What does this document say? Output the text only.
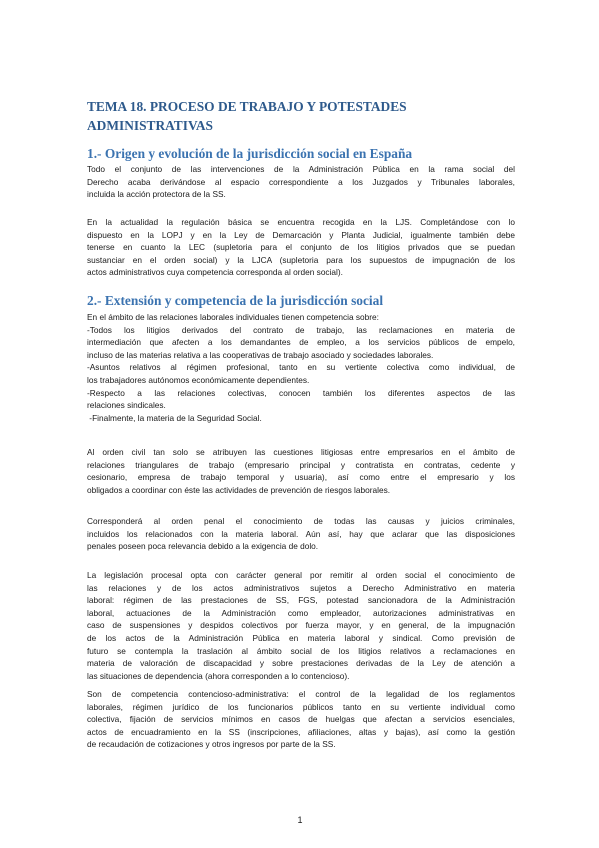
TEMA 18. PROCESO DE TRABAJO Y POTESTADES ADMINISTRATIVAS
1.- Origen y evolución de la jurisdicción social en España
Todo el conjunto de las intervenciones de la Administración Pública en la rama social del
Derecho acaba derivándose al espacio correspondiente a los Juzgados y Tribunales laborales,
incluida la acción protectora de la SS.
En la actualidad la regulación básica se encuentra recogida en la LJS. Completándose con lo
dispuesto en la LOPJ y en la Ley de Demarcación y Planta Judicial, igualmente también debe
tenerse en cuanto la LEC (supletoria para el conjunto de los litigios privados que se puedan
sustanciar en el orden social) y la LJCA (supletoria para los supuestos de impugnación de los
actos administrativos cuya competencia corresponda al orden social).
2.- Extensión y competencia de la jurisdicción social
En el ámbito de las relaciones laborales individuales tienen competencia sobre:
-Todos los litigios derivados del contrato de trabajo, las reclamaciones en materia de
intermediación que afecten a los demandantes de empleo, a los servicios públicos de empelo,
incluso de las materias relativa a las cooperativas de trabajo asociado y sociedades laborales.
-Asuntos relativos al régimen profesional, tanto en su vertiente colectiva como individual, de
los trabajadores autónomos económicamente dependientes.
-Respecto a las relaciones colectivas, conocen también los diferentes aspectos de las
relaciones sindicales.
-Finalmente, la materia de la Seguridad Social.
Al orden civil tan solo se atribuyen las cuestiones litigiosas entre empresarios en el ámbito de
relaciones triangulares de trabajo (empresario principal y contratista en contratas, cedente y
cesionario, empresa de trabajo temporal y usuaria), así como entre el empresario y los
obligados a coordinar con éste las actividades de prevención de riesgos laborales.
Corresponderá al orden penal el conocimiento de todas las causas y juicios criminales,
incluidos los relacionados con la materia laboral. Aún así, hay que aclarar que las disposiciones
penales poseen poca relevancia debido a la exigencia de dolo.
La legislación procesal opta con carácter general por remitir al orden social el conocimiento de
las relaciones y de los actos administrativos sujetos a Derecho Administrativo en materia
laboral: régimen de las prestaciones de SS, FGS, potestad sancionadora de la Administración
laboral, actuaciones de la Administración como empleador, autorizaciones administrativas en
caso de suspensiones y despidos colectivos por fuerza mayor, y en general, de la impugnación
de los actos de la Administración Pública en materia laboral y sindical. Como previsión de
futuro se contempla la traslación al ámbito social de los litigios relativos a reclamaciones en
materia de valoración de discapacidad y sobre prestaciones derivadas de la Ley de atención a
las situaciones de dependencia (ahora corresponden a lo contencioso).
Son de competencia contencioso-administrativa: el control de la legalidad de los reglamentos
laborales, régimen jurídico de los funcionarios públicos tanto en su vertiente individual como
colectiva, fijación de servicios mínimos en casos de huelgas que afectan a servicios esenciales,
actos de encuadramiento en la SS (inscripciones, afiliaciones, altas y bajas), así como la gestión
de recaudación de cotizaciones y otros ingresos por parte de la SS.
1
